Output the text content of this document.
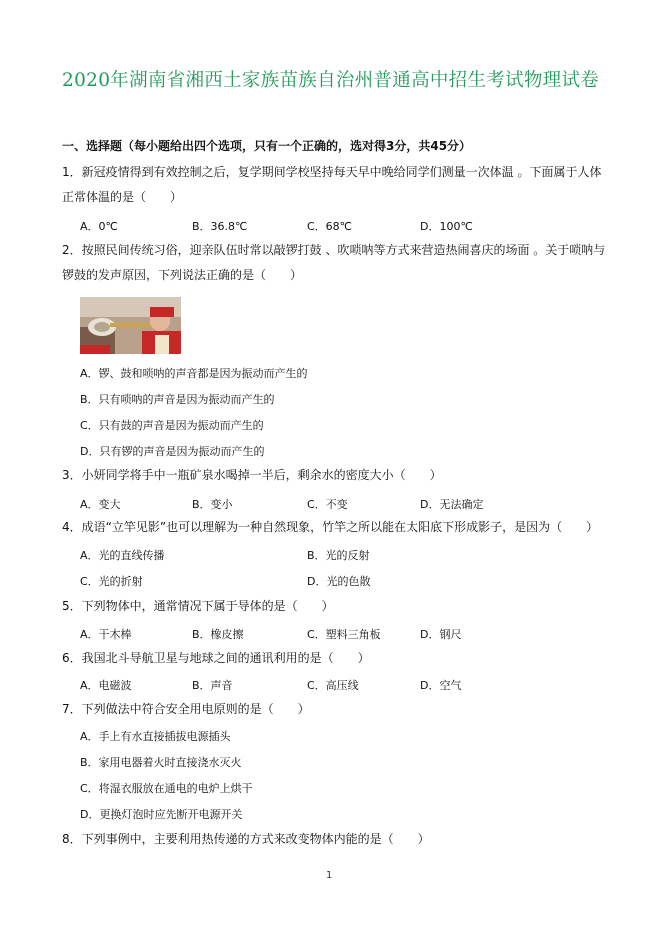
2020年湖南省湘西土家族苗族自治州普通高中招生考试物理试卷
一、选择题（每小题给出四个选项，只有一个正确的，选对得3分，共45分）
1．新冠疫情得到有效控制之后，复学期间学校坚持每天早中晚给同学们测量一次体温 。下面属于人体正常体温的是（　　）
A．0℃	B．36.8℃	C．68℃	D．100℃
2．按照民间传统习俗，迎亲队伍时常以敲锣打鼓 、吹唢呐等方式来营造热闹喜庆的场面 。关于唢呐与锣鼓的发声原因，下列说法正确的是（　　）
A．锣、鼓和唢呐的声音都是因为振动而产生的
B．只有唢呐的声音是因为振动而产生的
C．只有鼓的声音是因为振动而产生的
D．只有锣的声音是因为振动而产生的
3．小妍同学将手中一瓶矿泉水喝掉一半后，剩余水的密度大小（　　）
A．变大	B．变小	C．不变	D．无法确定
4．成语“立竿见影”也可以理解为一种自然现象，竹竿之所以能在太阳底下形成影子，是因为（　　）
A．光的直线传播	B．光的反射
C．光的折射	D．光的色散
5．下列物体中，通常情况下属于导体的是（　　）
A．干木棒	B．橡皮擦	C．塑料三角板	D．钢尺
6．我国北斗导航卫星与地球之间的通讯利用的是（　　）
A．电磁波	B．声音	C．高压线	D．空气
7．下列做法中符合安全用电原则的是（　　）
A．手上有水直接插拔电源插头
B．家用电器着火时直接浇水灭火
C．将湿衣服放在通电的电炉上烘干
D．更换灯泡时应先断开电源开关
8．下列事例中，主要利用热传递的方式来改变物体内能的是（　　）
1
